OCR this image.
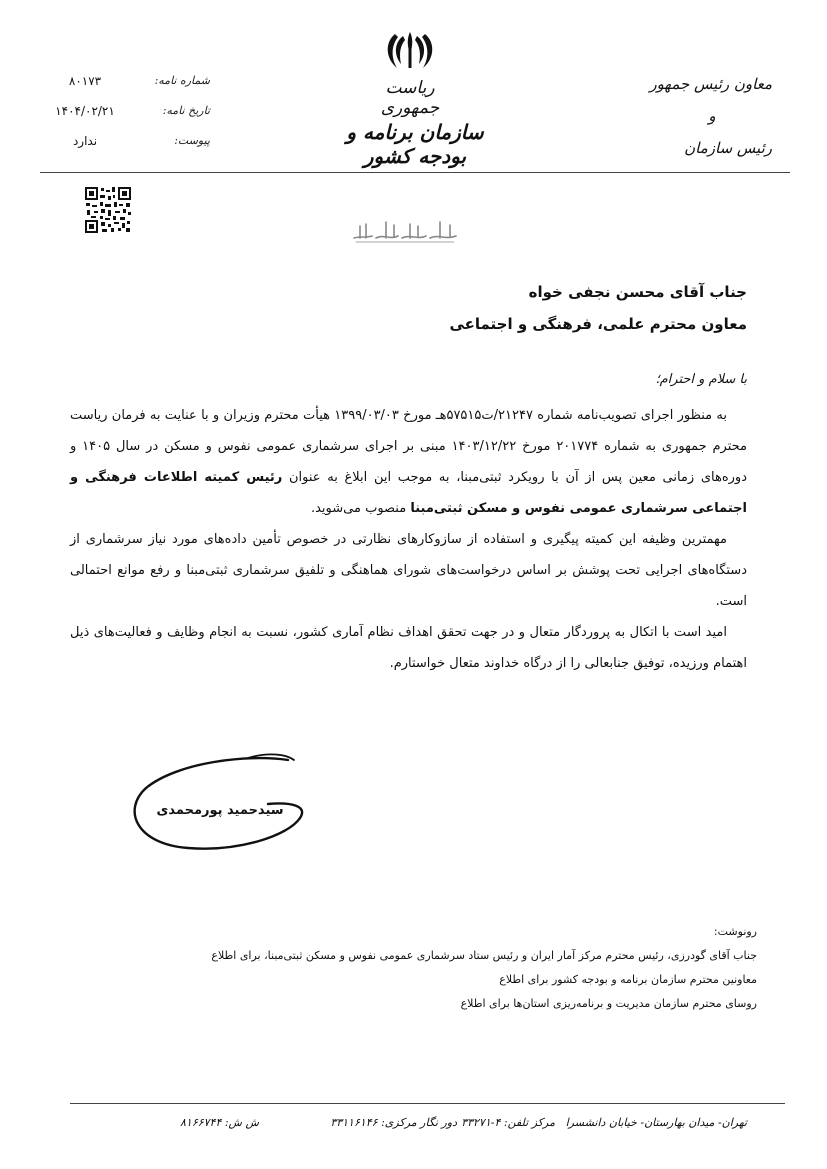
ریاست جمهوری
سازمان برنامه و بودجه کشور
معاون رئیس جمهور
و
رئیس سازمان
شماره نامه:
۸۰۱۷۳
تاریخ نامه:
۱۴۰۴/۰۲/۲۱
پیوست:
ندارد
جناب آقای محسن نجفی خواه
معاون محترم علمی، فرهنگی و اجتماعی
با سلام و احترام؛

به منظور اجرای تصویب‌نامه شماره ۲۱۲۴۷/ت۵۷۵۱۵هـ مورخ ۱۳۹۹/۰۳/۰۳ هیأت محترم وزیران و با عنایت به فرمان ریاست محترم جمهوری به شماره ۲۰۱۷۷۴ مورخ ۱۴۰۳/۱۲/۲۲ مبنی بر اجرای سرشماری عمومی نفوس و مسکن در سال ۱۴۰۵ و دوره‌های زمانی معین پس از آن با رویکرد ثبتی‌مبنا، به موجب این ابلاغ به عنوان رئیس کمیته اطلاعات فرهنگی و اجتماعی سرشماری عمومی نفوس و مسکن ثبتی‌مبنا منصوب می‌شوید.

مهمترین وظیفه این کمیته پیگیری و استفاده از سازوکارهای نظارتی در خصوص تأمین داده‌های مورد نیاز سرشماری از دستگاه‌های اجرایی تحت پوشش بر اساس درخواست‌های شورای هماهنگی و تلفیق سرشماری ثبتی‌مبنا و رفع موانع احتمالی است.

امید است با اتکال به پروردگار متعال و در جهت تحقق اهداف نظام آماری کشور، نسبت به انجام وظایف و فعالیت‌های ذیل اهتمام ورزیده، توفیق جنابعالی را از درگاه خداوند متعال خواستارم.

سیدحمید پورمحمدی
رونوشت:
جناب آقای گودرزی، رئیس محترم مرکز آمار ایران و رئیس ستاد سرشماری عمومی نفوس و مسکن ثبتی‌مبنا، برای اطلاع
معاونین محترم سازمان برنامه و بودجه کشور برای اطلاع
روسای محترم سازمان مدیریت و برنامه‌ریزی استان‌ها برای اطلاع
تهران- میدان بهارستان- خیابان دانشسرا
مرکز تلفن: ۴-۳۳۲۷۱
دور نگار مرکزی: ۳۳۱۱۶۱۴۶
ش ش: ۸۱۶۶۷۴۴
